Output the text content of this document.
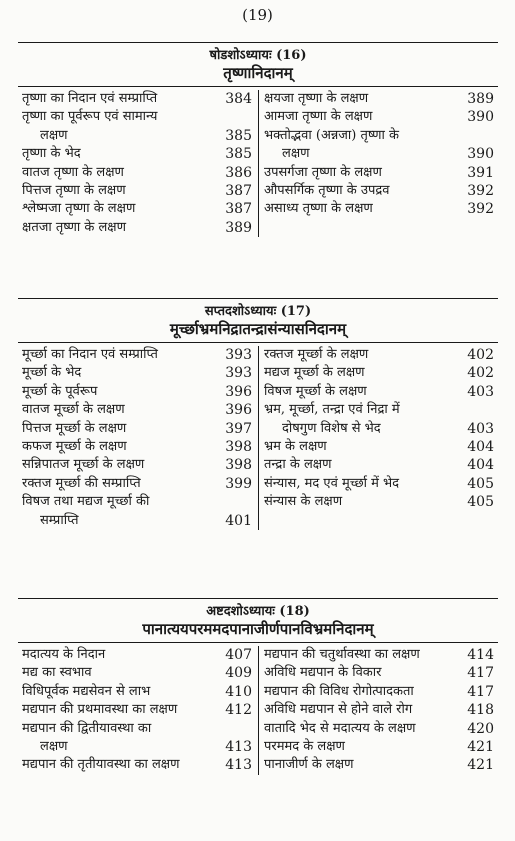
(19)
षोडशोऽध्यायः (16)
तृष्णानिदानम्
तृष्णा का निदान एवं सम्प्राप्ति	384
तृष्णा का पूर्वरूप एवं सामान्य
लक्षण	385
तृष्णा के भेद	385
वातज तृष्णा के लक्षण	386
पित्तज तृष्णा के लक्षण	387
श्लेष्मजा तृष्णा के लक्षण	387
क्षतजा तृष्णा के लक्षण	389
क्षयजा तृष्णा के लक्षण	389
आमजा तृष्णा के लक्षण	390
भक्तोद्भवा (अन्नजा) तृष्णा के
लक्षण	390
उपसर्गजा तृष्णा के लक्षण	391
औपसर्गिक तृष्णा के उपद्रव	392
असाध्य तृष्णा के लक्षण	392
सप्तदशोऽध्यायः (17)
मूर्च्छाभ्रमनिद्रातन्द्रासंन्यासनिदानम्
मूर्च्छा का निदान एवं सम्प्राप्ति	393
मूर्च्छा के भेद	393
मूर्च्छा के पूर्वरूप	396
वातज मूर्च्छा के लक्षण	396
पित्तज मूर्च्छा के लक्षण	397
कफज मूर्च्छा के लक्षण	398
सन्निपातज मूर्च्छा के लक्षण	398
रक्तज मूर्च्छा की सम्प्राप्ति	399
विषज तथा मद्यज मूर्च्छा की
सम्प्राप्ति	401
रक्तज मूर्च्छा के लक्षण	402
मद्यज मूर्च्छा के लक्षण	402
विषज मूर्च्छा के लक्षण	403
भ्रम, मूर्च्छा, तन्द्रा एवं निद्रा में
दोषगुण विशेष से भेद	403
भ्रम के लक्षण	404
तन्द्रा के लक्षण	404
संन्यास, मद एवं मूर्च्छा में भेद	405
संन्यास के लक्षण	405
अष्टदशोऽध्यायः (18)
पानात्ययपरममदपानाजीर्णपानविभ्रमनिदानम्
मदात्यय के निदान	407
मद्य का स्वभाव	409
विधिपूर्वक मद्यसेवन से लाभ	410
मद्यपान की प्रथमावस्था का लक्षण	412
मद्यपान की द्वितीयावस्था का
लक्षण	413
मद्यपान की तृतीयावस्था का लक्षण	413
मद्यपान की चतुर्थावस्था का लक्षण	414
अविधि मद्यपान के विकार	417
मद्यपान की विविध रोगोत्पादकता	417
अविधि मद्यपान से होने वाले रोग	418
वातादि भेद से मदात्यय के लक्षण	420
परममद के लक्षण	421
पानाजीर्ण के लक्षण	421
